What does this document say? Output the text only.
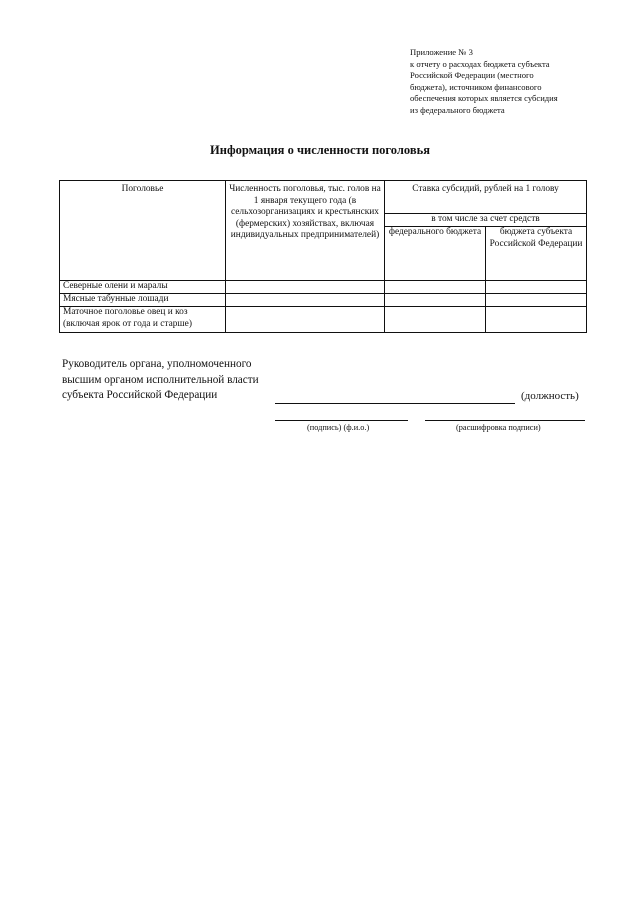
Приложение № 3
к отчету о расходах бюджета субъекта
Российской Федерации (местного
бюджета), источником финансового
обеспечения которых является субсидия
из федерального бюджета
Информация о численности поголовья
Поголовье	Численность поголовья, тыс. голов на 1 января текущего года (в сельхозорганизациях и крестьянских (фермерских) хозяйствах, включая индивидуальных предпринимателей)	Ставка субсидий, рублей на 1 голову	
		в том числе за счет средств	
		федерального бюджета	бюджета субъекта Российской Федерации
Северные олени и маралы			
Мясные табунные лошади			
Маточное поголовье овец и коз (включая ярок от года и старше)			
Руководитель органа, уполномоченного
высшим органом исполнительной власти
субъекта Российской Федерации	(должность)
(подпись) (ф.и.о.)	(расшифровка подписи)
